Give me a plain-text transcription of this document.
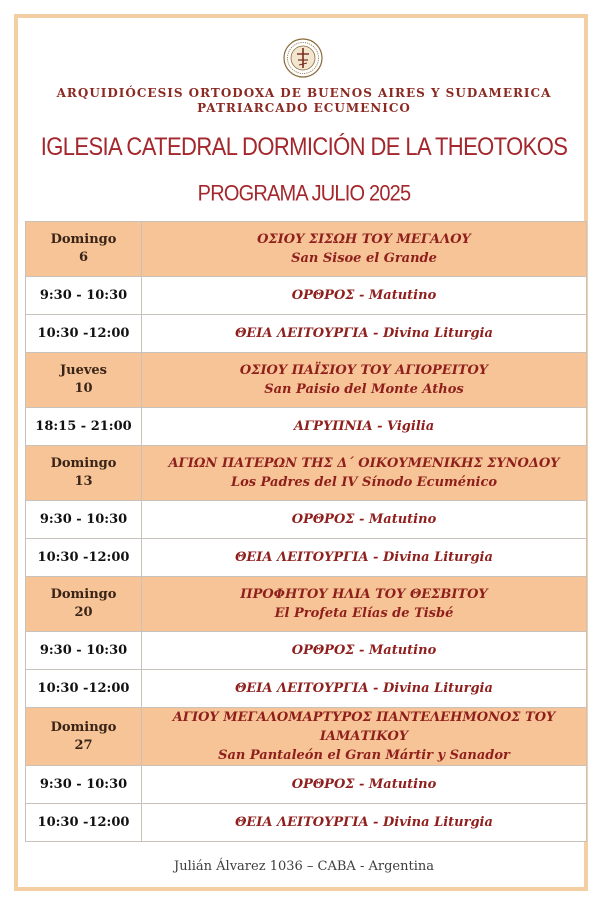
ARQUIDIÓCESIS ORTODOXA DE BUENOS AIRES Y SUDAMERICA
PATRIARCADO ECUMENICO
IGLESIA CATEDRAL DORMICIÓN DE LA THEOTOKOS
PROGRAMA JULIO 2025
Domingo
6	ΟΣΙΟΥ ΣΙΣΩΗ ΤΟΥ ΜΕΓΑΛΟΥ
San Sisoe el Grande

9:30 - 10:30	ΟΡΘΡΟΣ - Matutino
10:30 -12:00	ΘΕΙΑ ΛΕΙΤΟΥΡΓΙΑ - Divina Liturgia

Jueves
10	ΟΣΙΟΥ ΠΑΪΣΙΟΥ ΤΟΥ ΑΓΙΟΡΕΙΤΟΥ
San Paisio del Monte Athos

18:15 - 21:00	ΑΓΡΥΠΝΙΑ - Vigilia

Domingo
13	ΑΓΙΩΝ ΠΑΤΕΡΩΝ ΤΗΣ Δ΄ ΟΙΚΟΥΜΕΝΙΚΗΣ ΣΥΝΟΔΟΥ
Los Padres del IV Sínodo Ecuménico

9:30 - 10:30	ΟΡΘΡΟΣ - Matutino
10:30 -12:00	ΘΕΙΑ ΛΕΙΤΟΥΡΓΙΑ - Divina Liturgia

Domingo
20	ΠΡΟΦΗΤΟΥ ΗΛΙΑ ΤΟΥ ΘΕΣΒΙΤΟΥ
El Profeta Elías de Tisbé

9:30 - 10:30	ΟΡΘΡΟΣ - Matutino
10:30 -12:00	ΘΕΙΑ ΛΕΙΤΟΥΡΓΙΑ - Divina Liturgia

Domingo
27	ΑΓΙΟΥ ΜΕΓΑΛΟΜΑΡΤΥΡΟΣ ΠΑΝΤΕΛΕΗΜΟΝΟΣ ΤΟΥ ΙΑΜΑΤΙΚΟΥ
San Pantaleón el Gran Mártir y Sanador

9:30 - 10:30	ΟΡΘΡΟΣ - Matutino
10:30 -12:00	ΘΕΙΑ ΛΕΙΤΟΥΡΓΙΑ - Divina Liturgia
Julián Álvarez 1036 – CABA - Argentina
